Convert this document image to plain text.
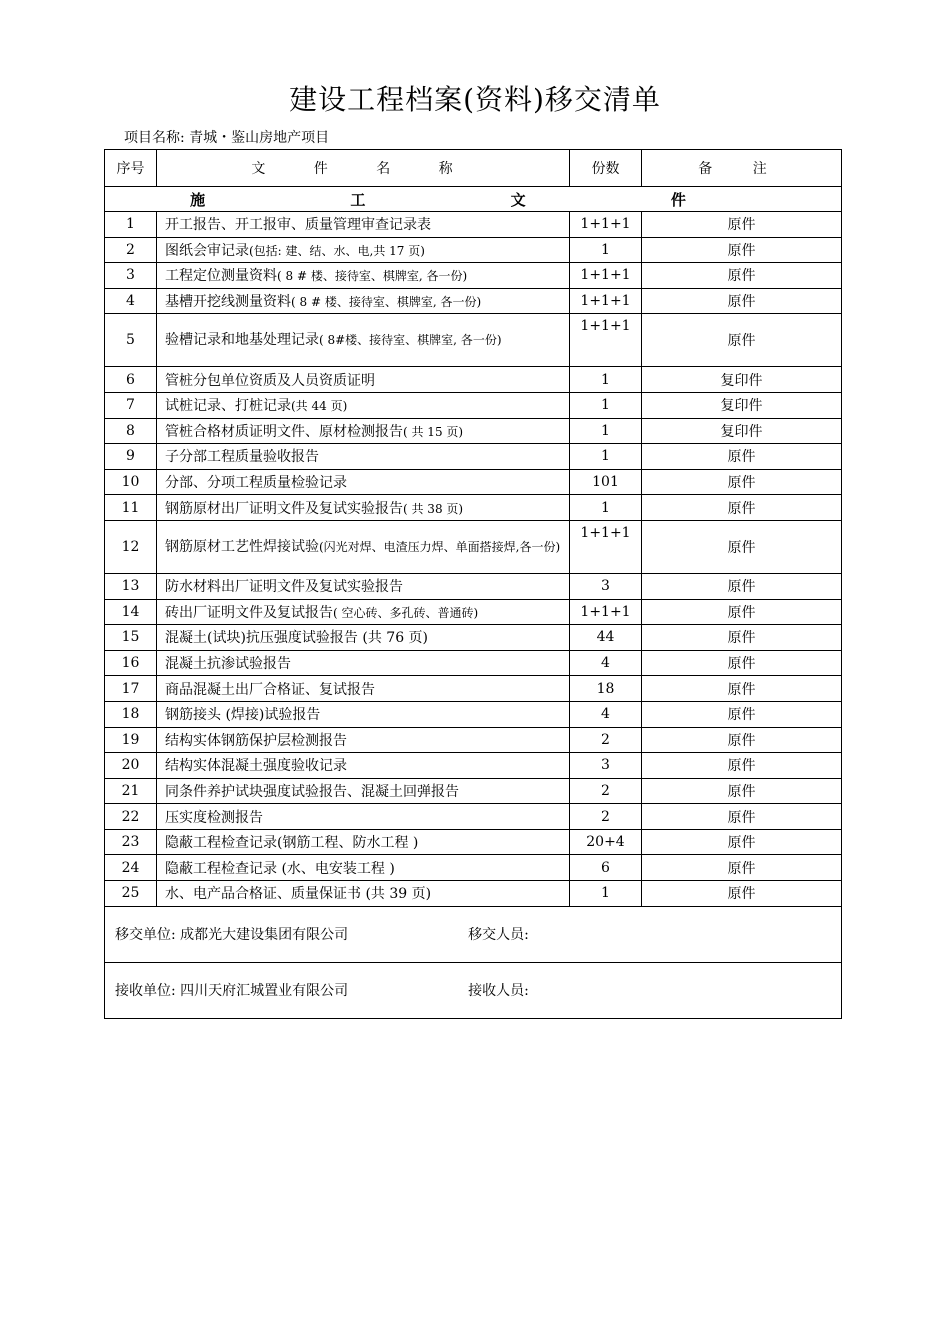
建设工程档案(资料)移交清单
项目名称: 青城・鉴山房地产项目
序号	文 件 名 称	份数	备 注
施 工 文 件			
1	开工报告、开工报审、质量管理审查记录表	1+1+1	原件
2	图纸会审记录(包括: 建、结、水、电,共 17 页)	1	原件
3	工程定位测量资料( 8 # 楼、接待室、棋牌室, 各一份)	1+1+1	原件
4	基槽开挖线测量资料( 8 # 楼、接待室、棋牌室, 各一份)	1+1+1	原件
5	验槽记录和地基处理记录( 8#楼、接待室、棋牌室, 各一份)	1+1+1	原件
6	管桩分包单位资质及人员资质证明	1	复印件
7	试桩记录、打桩记录(共 44 页)	1	复印件
8	管桩合格材质证明文件、原材检测报告( 共 15 页)	1	复印件
9	子分部工程质量验收报告	1	原件
10	分部、分项工程质量检验记录	101	原件
11	钢筋原材出厂证明文件及复试实验报告( 共 38 页)	1	原件
12	钢筋原材工艺性焊接试验(闪光对焊、电渣压力焊、单面搭接焊,各一份)	1+1+1	原件
13	防水材料出厂证明文件及复试实验报告	3	原件
14	砖出厂证明文件及复试报告( 空心砖、多孔砖、普通砖)	1+1+1	原件
15	混凝土(试块)抗压强度试验报告 (共 76 页)	44	原件
16	混凝土抗渗试验报告	4	原件
17	商品混凝土出厂合格证、复试报告	18	原件
18	钢筋接头 (焊接)试验报告	4	原件
19	结构实体钢筋保护层检测报告	2	原件
20	结构实体混凝土强度验收记录	3	原件
21	同条件养护试块强度试验报告、混凝土回弹报告	2	原件
22	压实度检测报告	2	原件
23	隐蔽工程检查记录(钢筋工程、防水工程 )	20+4	原件
24	隐蔽工程检查记录 (水、电安装工程 )	6	原件
25	水、电产品合格证、质量保证书 (共 39 页)	1	原件
移交单位: 成都光大建设集团有限公司 移交人员:			
接收单位: 四川天府汇城置业有限公司 接收人员:			
